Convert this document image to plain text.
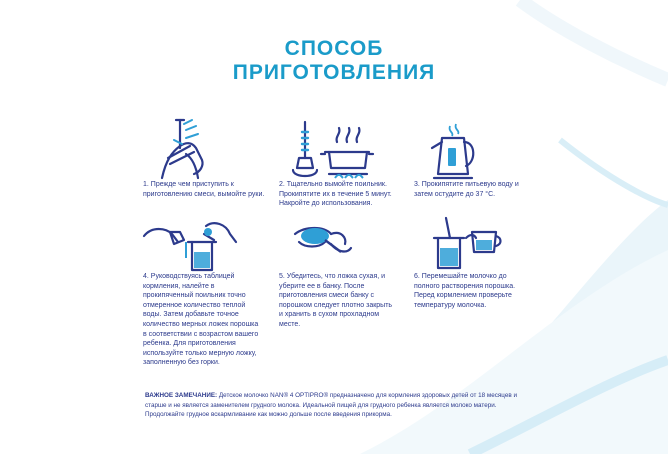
СПОСОБ
ПРИГОТОВЛЕНИЯ
1. Прежде чем приступить к приготовлению смеси, вымойте руки.
2. Тщательно вымойте поильник. Прокипятите их в течение 5 минут. Накройте до использования.
3. Прокипятите питьевую воду и затем остудите до 37 °C.
4. Руководствуясь таблицей кормления, налейте в прокипяченный поильник точно отмеренное количество теплой воды. Затем добавьте точное количество мерных ложек порошка в соответствии с возрастом вашего ребенка. Для приготовления используйте только мерную ложку, заполненную без горки.
5. Убедитесь, что ложка сухая, и уберите ее в банку. После приготовления смеси банку с порошком следует плотно закрыть и хранить в сухом прохладном месте.
6. Перемешайте молочко до полного растворения порошка. Перед кормлением проверьте температуру молочка.
ВАЖНОЕ ЗАМЕЧАНИЕ: Детское молочко NAN® 4 OPTIPRO® предназначено для кормления здоровых детей от 18 месяцев и старше и не является заменителем грудного молока. Идеальной пищей для грудного ребенка является молоко матери. Продолжайте грудное вскармливание как можно дольше после введения прикорма.
